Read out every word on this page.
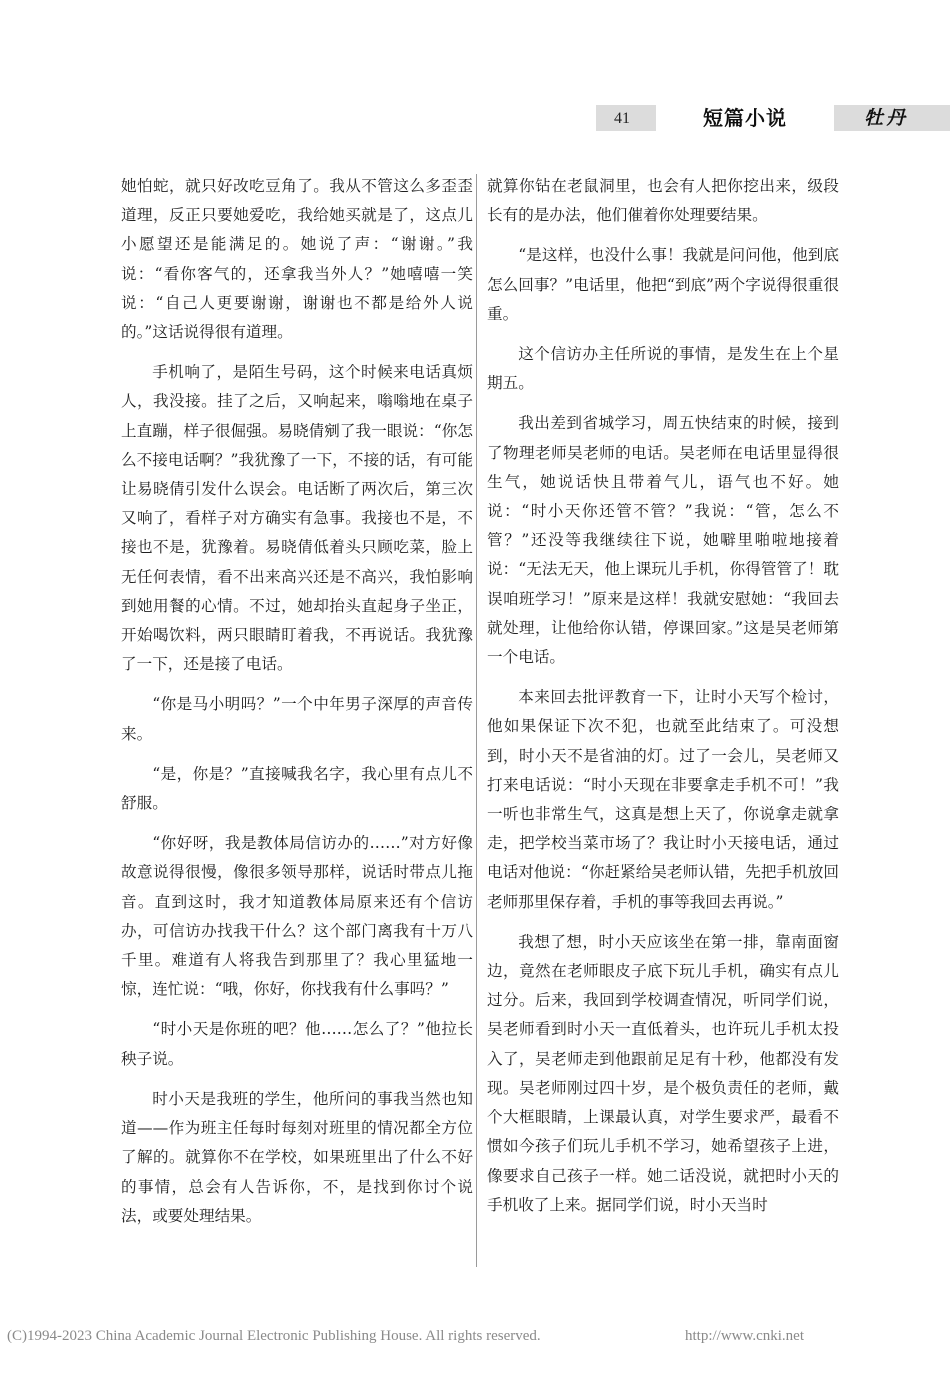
41	短篇小说	牡丹

她怕蛇，就只好改吃豆角了。我从不管这么多歪歪道理，反正只要她爱吃，我给她买就是了，这点儿小愿望还是能满足的。她说了声：“谢谢。”我说：“看你客气的，还拿我当外人？”她嘻嘻一笑说：“自己人更要谢谢，谢谢也不都是给外人说的。”这话说得很有道理。

手机响了，是陌生号码，这个时候来电话真烦人，我没接。挂了之后，又响起来，嗡嗡地在桌子上直蹦，样子很倔强。易晓倩剜了我一眼说：“你怎么不接电话啊？”我犹豫了一下，不接的话，有可能让易晓倩引发什么误会。电话断了两次后，第三次又响了，看样子对方确实有急事。我接也不是，不接也不是，犹豫着。易晓倩低着头只顾吃菜，脸上无任何表情，看不出来高兴还是不高兴，我怕影响到她用餐的心情。不过，她却抬头直起身子坐正，开始喝饮料，两只眼睛盯着我，不再说话。我犹豫了一下，还是接了电话。

“你是马小明吗？”一个中年男子深厚的声音传来。

“是，你是？”直接喊我名字，我心里有点儿不舒服。

“你好呀，我是教体局信访办的……”对方好像故意说得很慢，像很多领导那样，说话时带点儿拖音。直到这时，我才知道教体局原来还有个信访办，可信访办找我干什么？这个部门离我有十万八千里。难道有人将我告到那里了？我心里猛地一惊，连忙说：“哦，你好，你找我有什么事吗？”

“时小天是你班的吧？他……怎么了？”他拉长秧子说。

时小天是我班的学生，他所问的事我当然也知道——作为班主任每时每刻对班里的情况都全方位了解的。就算你不在学校，如果班里出了什么不好的事情，总会有人告诉你，不，是找到你讨个说法，或要处理结果。

就算你钻在老鼠洞里，也会有人把你挖出来，级段长有的是办法，他们催着你处理要结果。

“是这样，也没什么事！我就是问问他，他到底怎么回事？”电话里，他把“到底”两个字说得很重很重。

这个信访办主任所说的事情，是发生在上个星期五。

我出差到省城学习，周五快结束的时候，接到了物理老师吴老师的电话。吴老师在电话里显得很生气，她说话快且带着气儿，语气也不好。她说：“时小天你还管不管？”我说：“管，怎么不管？”还没等我继续往下说，她噼里啪啦地接着说：“无法无天，他上课玩儿手机，你得管管了！耽误咱班学习！”原来是这样！我就安慰她：“我回去就处理，让他给你认错，停课回家。”这是吴老师第一个电话。

本来回去批评教育一下，让时小天写个检讨，他如果保证下次不犯，也就至此结束了。可没想到，时小天不是省油的灯。过了一会儿，吴老师又打来电话说：“时小天现在非要拿走手机不可！”我一听也非常生气，这真是想上天了，你说拿走就拿走，把学校当菜市场了？我让时小天接电话，通过电话对他说：“你赶紧给吴老师认错，先把手机放回老师那里保存着，手机的事等我回去再说。”

我想了想，时小天应该坐在第一排，靠南面窗边，竟然在老师眼皮子底下玩儿手机，确实有点儿过分。后来，我回到学校调查情况，听同学们说，吴老师看到时小天一直低着头，也许玩儿手机太投入了，吴老师走到他跟前足足有十秒，他都没有发现。吴老师刚过四十岁，是个极负责任的老师，戴个大框眼睛，上课最认真，对学生要求严，最看不惯如今孩子们玩儿手机不学习，她希望孩子上进，像要求自己孩子一样。她二话没说，就把时小天的手机收了上来。据同学们说，时小天当时

(C)1994-2023 China Academic Journal Electronic Publishing House. All rights reserved.	http://www.cnki.net
